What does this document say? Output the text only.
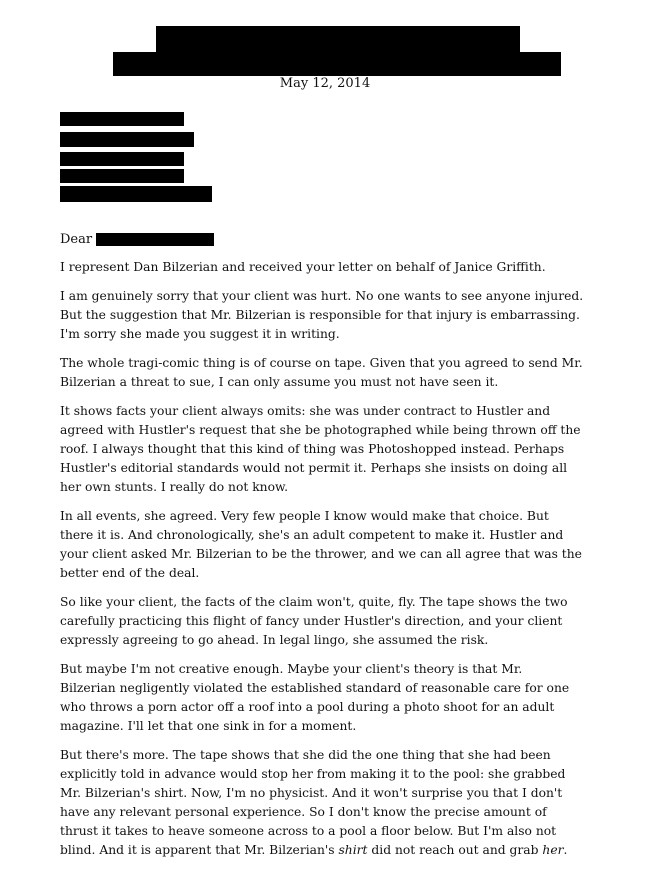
May 12, 2014
Dear

I represent Dan Bilzerian and received your letter on behalf of Janice Griffith.

I am genuinely sorry that your client was hurt. No one wants to see anyone injured.
But the suggestion that Mr. Bilzerian is responsible for that injury is embarrassing.
I'm sorry she made you suggest it in writing.

The whole tragi-comic thing is of course on tape. Given that you agreed to send Mr.
Bilzerian a threat to sue, I can only assume you must not have seen it.

It shows facts your client always omits: she was under contract to Hustler and
agreed with Hustler's request that she be photographed while being thrown off the
roof. I always thought that this kind of thing was Photoshopped instead. Perhaps
Hustler's editorial standards would not permit it. Perhaps she insists on doing all
her own stunts. I really do not know.

In all events, she agreed. Very few people I know would make that choice. But
there it is. And chronologically, she's an adult competent to make it. Hustler and
your client asked Mr. Bilzerian to be the thrower, and we can all agree that was the
better end of the deal.

So like your client, the facts of the claim won't, quite, fly. The tape shows the two
carefully practicing this flight of fancy under Hustler's direction, and your client
expressly agreeing to go ahead. In legal lingo, she assumed the risk.

But maybe I'm not creative enough. Maybe your client's theory is that Mr.
Bilzerian negligently violated the established standard of reasonable care for one
who throws a porn actor off a roof into a pool during a photo shoot for an adult
magazine. I'll let that one sink in for a moment.

But there's more. The tape shows that she did the one thing that she had been
explicitly told in advance would stop her from making it to the pool: she grabbed
Mr. Bilzerian's shirt. Now, I'm no physicist. And it won't surprise you that I don't
have any relevant personal experience. So I don't know the precise amount of
thrust it takes to heave someone across to a pool a floor below. But I'm also not
blind. And it is apparent that Mr. Bilzerian's shirt did not reach out and grab her.
